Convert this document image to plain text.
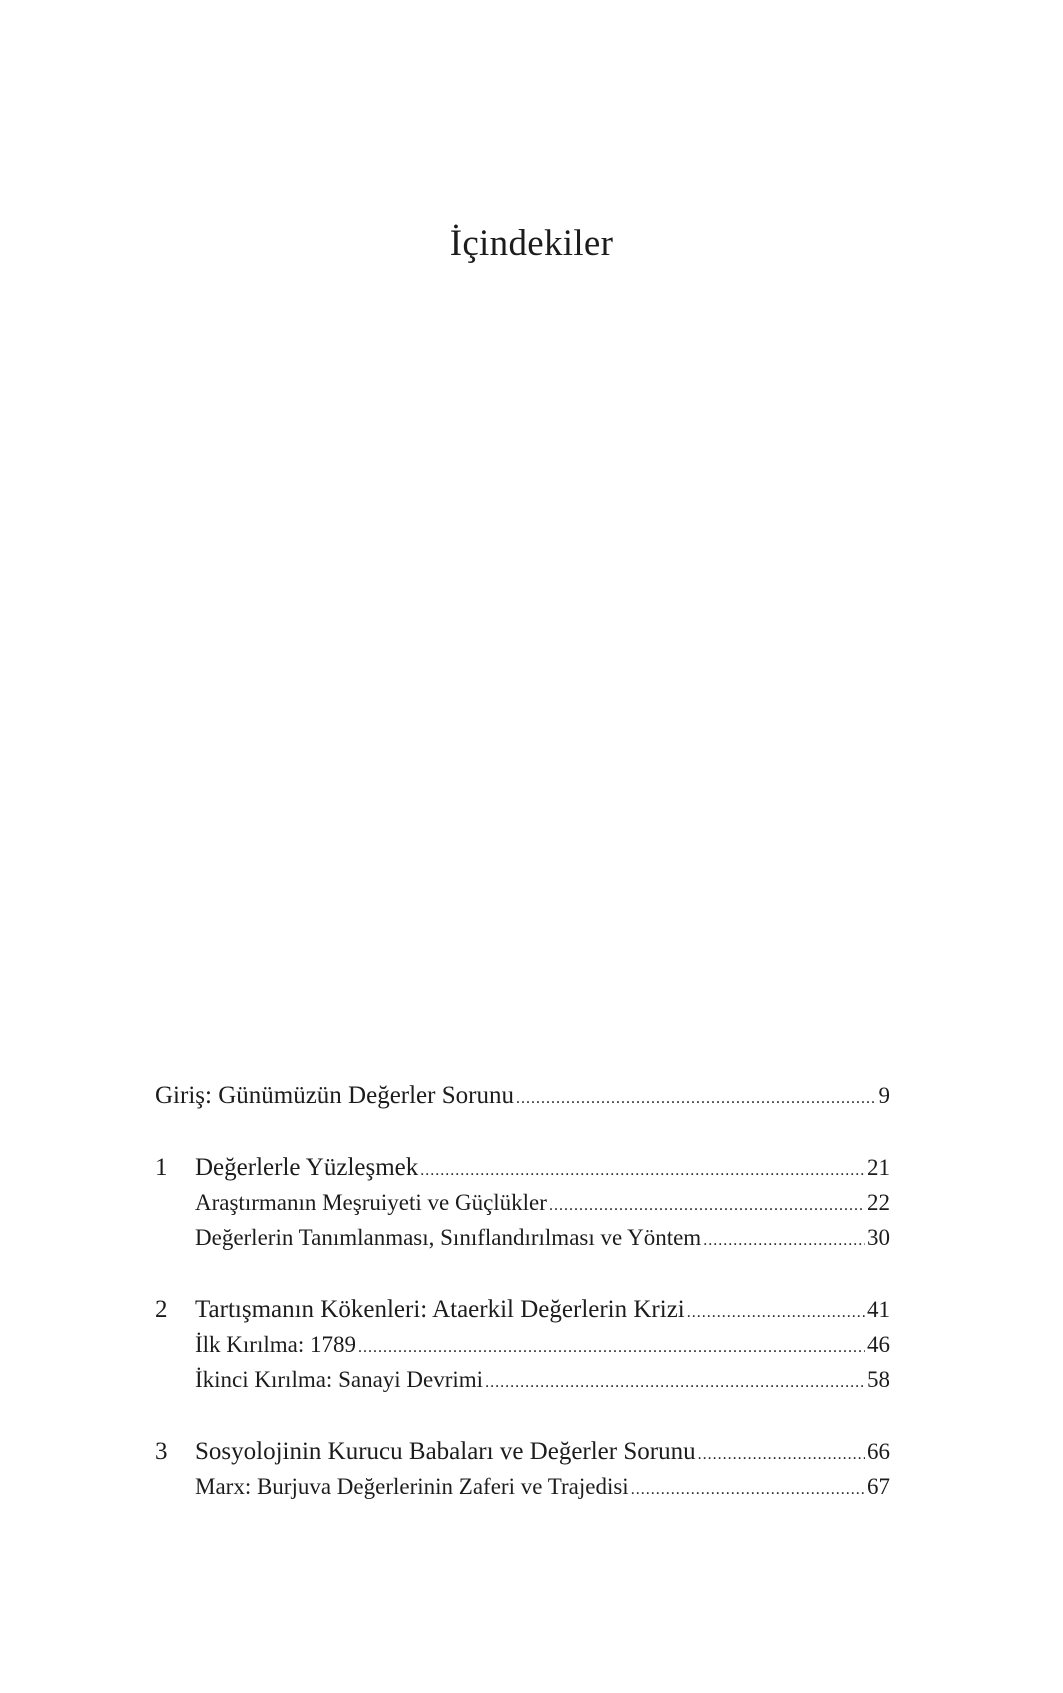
İçindekiler
Giriş: Günümüzün Değerler Sorunu .....	9
1	Değerlerle Yüzleşmek .....	21
Araştırmanın Meşruiyeti ve Güçlükler .....	22
Değerlerin Tanımlanması, Sınıflandırılması ve Yöntem .....	30
2	Tartışmanın Kökenleri: Ataerkil Değerlerin Krizi .....	41
İlk Kırılma: 1789 .....	46
İkinci Kırılma: Sanayi Devrimi .....	58
3	Sosyolojinin Kurucu Babaları ve Değerler Sorunu .....	66
Marx: Burjuva Değerlerinin Zaferi ve Trajedisi .....	67
